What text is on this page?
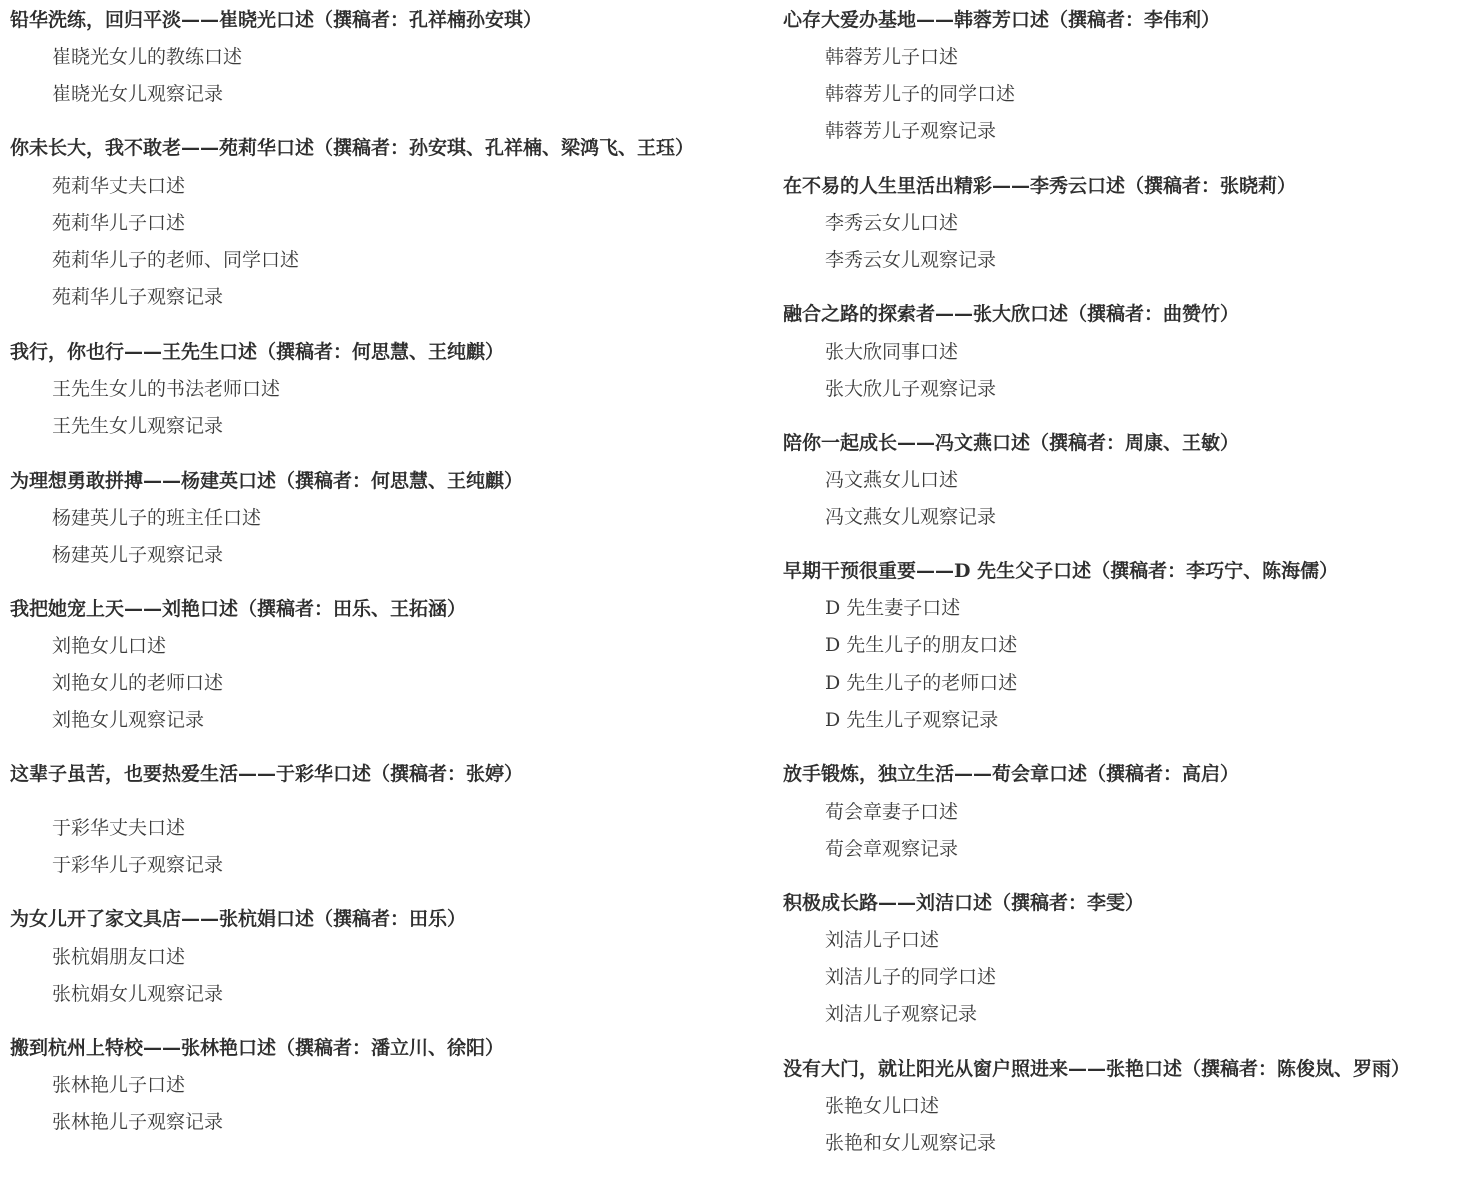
铅华洗练，回归平淡——崔晓光口述（撰稿者：孔祥楠孙安琪）
崔晓光女儿的教练口述
崔晓光女儿观察记录
你未长大，我不敢老——苑莉华口述（撰稿者：孙安琪、孔祥楠、梁鸿飞、王珏）
苑莉华丈夫口述
苑莉华儿子口述
苑莉华儿子的老师、同学口述
苑莉华儿子观察记录
我行，你也行——王先生口述（撰稿者：何思慧、王纯麒）
王先生女儿的书法老师口述
王先生女儿观察记录
为理想勇敢拼搏——杨建英口述（撰稿者：何思慧、王纯麒）
杨建英儿子的班主任口述
杨建英儿子观察记录
我把她宠上天——刘艳口述（撰稿者：田乐、王拓涵）
刘艳女儿口述
刘艳女儿的老师口述
刘艳女儿观察记录
这辈子虽苦，也要热爱生活——于彩华口述（撰稿者：张婷）
于彩华丈夫口述
于彩华儿子观察记录
为女儿开了家文具店——张杭娟口述（撰稿者：田乐）
张杭娟朋友口述
张杭娟女儿观察记录
搬到杭州上特校——张林艳口述（撰稿者：潘立川、徐阳）
张林艳儿子口述
张林艳儿子观察记录
心存大爱办基地——韩蓉芳口述（撰稿者：李伟利）
韩蓉芳儿子口述
韩蓉芳儿子的同学口述
韩蓉芳儿子观察记录
在不易的人生里活出精彩——李秀云口述（撰稿者：张晓莉）
李秀云女儿口述
李秀云女儿观察记录
融合之路的探索者——张大欣口述（撰稿者：曲赞竹）
张大欣同事口述
张大欣儿子观察记录
陪你一起成长——冯文燕口述（撰稿者：周康、王敏）
冯文燕女儿口述
冯文燕女儿观察记录
早期干预很重要——D 先生父子口述（撰稿者：李巧宁、陈海儒）
D 先生妻子口述
D 先生儿子的朋友口述
D 先生儿子的老师口述
D 先生儿子观察记录
放手锻炼，独立生活——荀会章口述（撰稿者：高启）
荀会章妻子口述
荀会章观察记录
积极成长路——刘洁口述（撰稿者：李雯）
刘洁儿子口述
刘洁儿子的同学口述
刘洁儿子观察记录
没有大门，就让阳光从窗户照进来——张艳口述（撰稿者：陈俊岚、罗雨）
张艳女儿口述
张艳和女儿观察记录
